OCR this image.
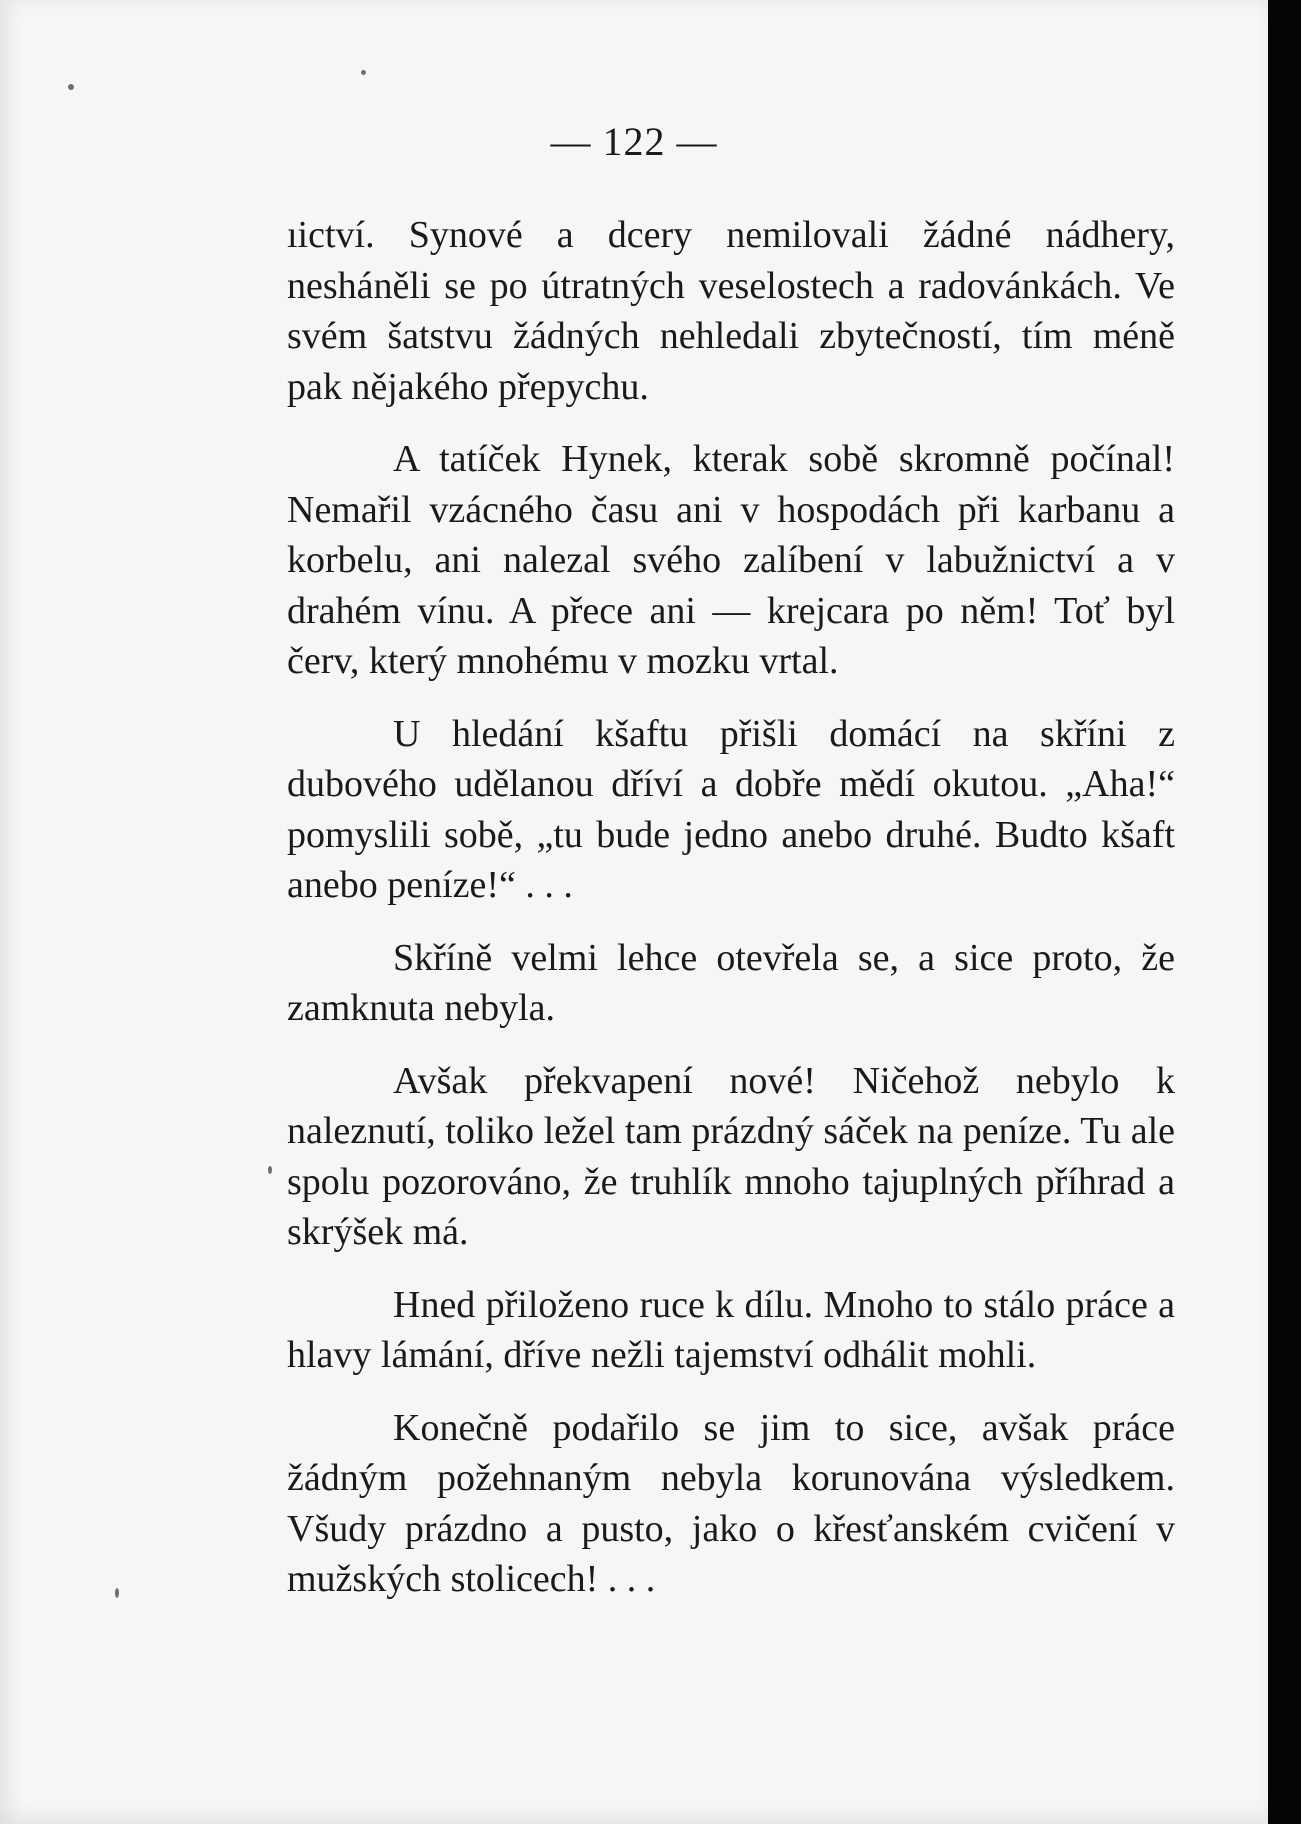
— 122 —

ıictví. Synové a dcery nemilovali žádné nádhery, nesháněli se po útratných veselostech a radovánkách. Ve svém šatstvu žádných nehledali zbytečností, tím méně pak nějakého přepychu.

A tatíček Hynek, kterak sobě skromně počínal! Nemařil vzácného času ani v hospodách při karbanu a korbelu, ani nalezal svého zalíbení v labužnictví a v drahém vínu. A přece ani — krejcara po něm! Toť byl červ, který mnohému v mozku vrtal.

U hledání kšaftu přišli domácí na skříni z dubového udělanou dříví a dobře mědí okutou. „Aha!“ pomyslili sobě, „tu bude jedno anebo druhé. Budto kšaft anebo peníze!“ . . .

Skříně velmi lehce otevřela se, a sice proto, že zamknuta nebyla.

Avšak překvapení nové! Ničehož nebylo k naleznutí, toliko ležel tam prázdný sáček na peníze. Tu ale spolu pozorováno, že truhlík mnoho tajuplných příhrad a skrýšek má.

Hned přiloženo ruce k dílu. Mnoho to stálo práce a hlavy lámání, dříve nežli tajemství odhálit mohli.

Konečně podařilo se jim to sice, avšak práce žádným požehnaným nebyla korunována výsledkem. Všudy prázdno a pusto, jako o křesťanském cvičení v mužských stolicech! . . .
